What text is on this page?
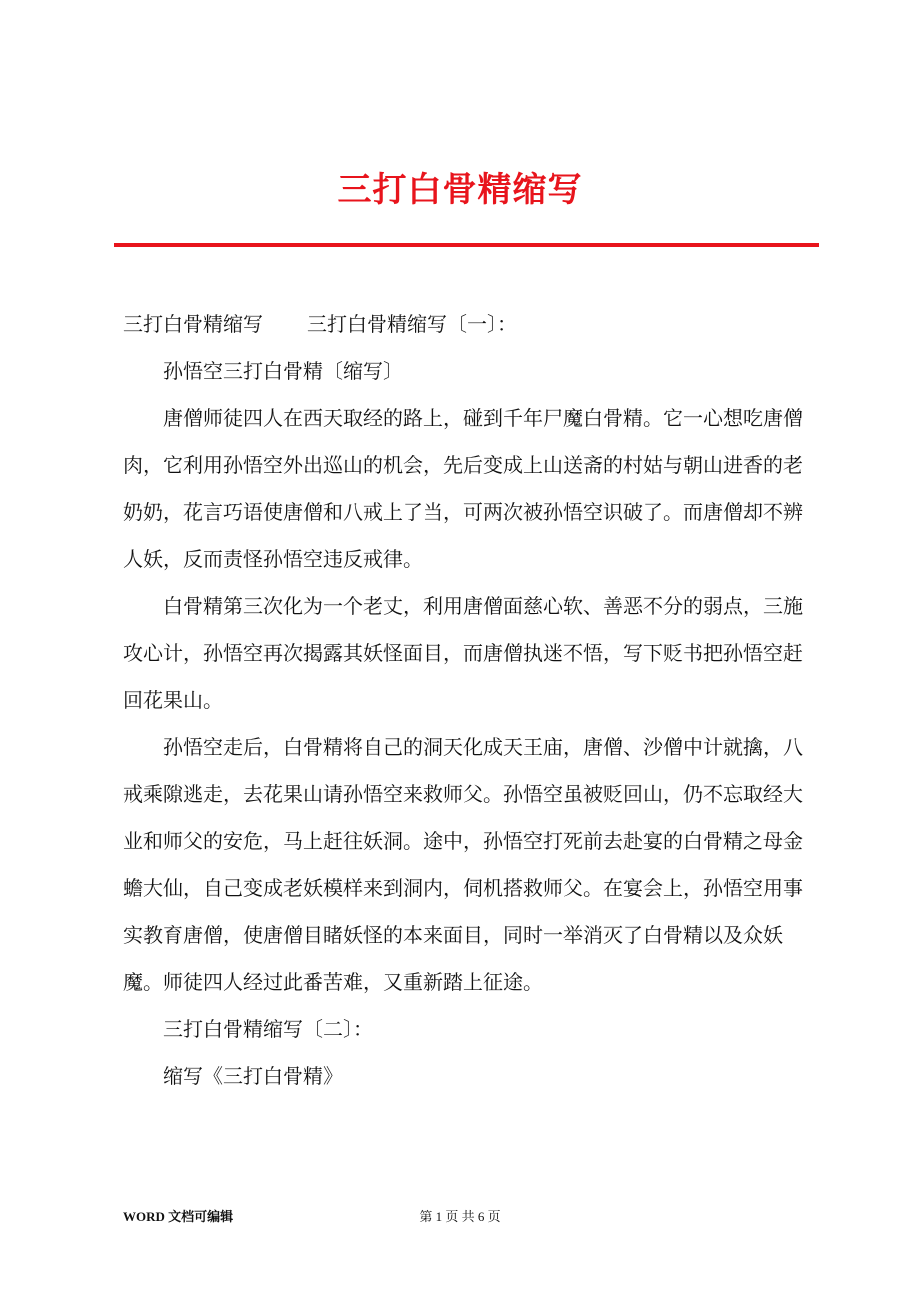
三打白骨精缩写

三打白骨精缩写 三打白骨精缩写〔一〕：

孙悟空三打白骨精〔缩写〕

唐僧师徒四人在西天取经的路上，碰到千年尸魔白骨精。它一心想吃唐僧肉，它利用孙悟空外出巡山的机会，先后变成上山送斋的村姑与朝山进香的老奶奶，花言巧语使唐僧和八戒上了当，可两次被孙悟空识破了。而唐僧却不辨人妖，反而责怪孙悟空违反戒律。

白骨精第三次化为一个老丈，利用唐僧面慈心软、善恶不分的弱点，三施攻心计，孙悟空再次揭露其妖怪面目，而唐僧执迷不悟，写下贬书把孙悟空赶回花果山。

孙悟空走后，白骨精将自己的洞天化成天王庙，唐僧、沙僧中计就擒，八戒乘隙逃走，去花果山请孙悟空来救师父。孙悟空虽被贬回山，仍不忘取经大业和师父的安危，马上赶往妖洞。途中，孙悟空打死前去赴宴的白骨精之母金蟾大仙，自己变成老妖模样来到洞内，伺机搭救师父。在宴会上，孙悟空用事实教育唐僧，使唐僧目睹妖怪的本来面目，同时一举消灭了白骨精以及众妖魔。师徒四人经过此番苦难，又重新踏上征途。

三打白骨精缩写〔二〕：

缩写《三打白骨精》

WORD 文档可编辑	第 1 页 共 6 页
